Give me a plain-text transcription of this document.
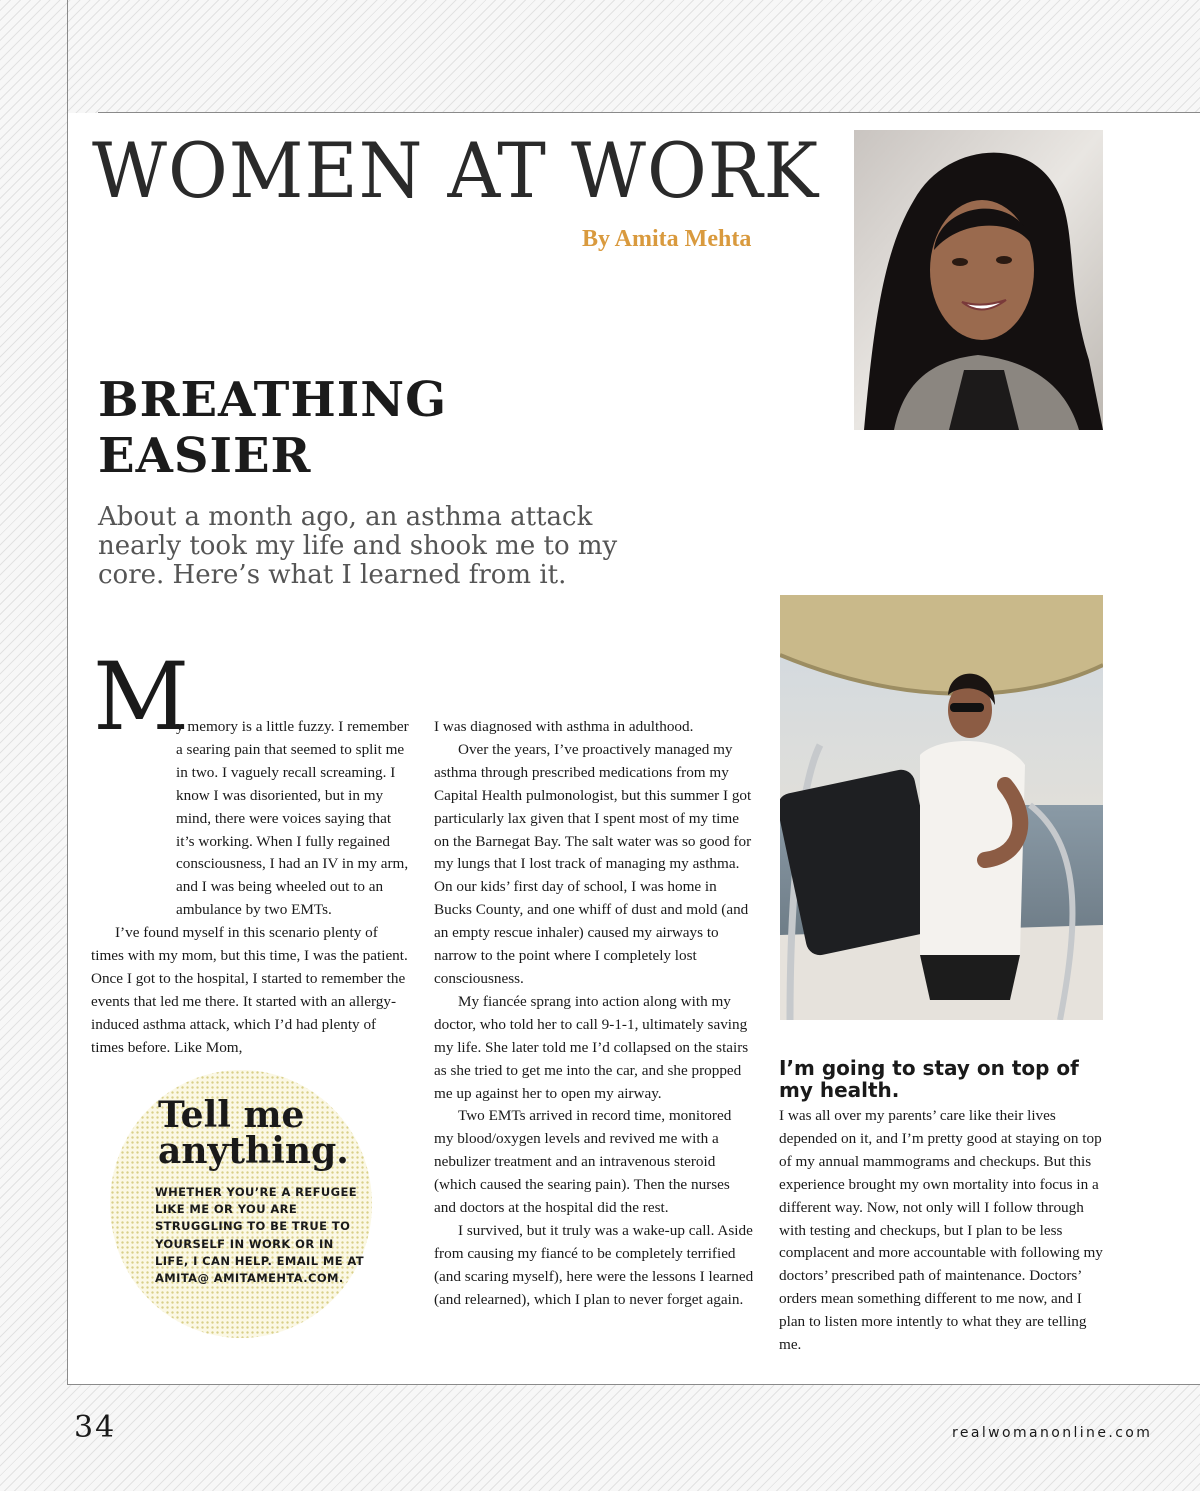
WOMEN AT WORK
By Amita Mehta
BREATHING
EASIER
About a month ago, an asthma attack nearly took my life and shook me to my core. Here’s what I learned from it.
M

y memory is a little fuzzy. I remember a searing pain that seemed to split me in two. I vaguely recall screaming. I know I was disoriented, but in my mind, there were voices saying that it’s working. When I fully regained consciousness, I had an IV in my arm, and I was being wheeled out to an ambulance by two EMTs.

I’ve found myself in this scenario plenty of times with my mom, but this time, I was the patient. Once I got to the hospital, I started to remember the events that led me there. It started with an allergy-induced asthma attack, which I’d had plenty of times before. Like Mom,

I was diagnosed with asthma in adulthood.

Over the years, I’ve proactively managed my asthma through prescribed medications from my Capital Health pulmonologist, but this summer I got particularly lax given that I spent most of my time on the Barnegat Bay. The salt water was so good for my lungs that I lost track of managing my asthma. On our kids’ first day of school, I was home in Bucks County, and one whiff of dust and mold (and an empty rescue inhaler) caused my airways to narrow to the point where I completely lost consciousness.

My fiancée sprang into action along with my doctor, who told her to call 9-1-1, ultimately saving my life. She later told me I’d collapsed on the stairs as she tried to get me into the car, and she propped me up against her to open my airway.

Two EMTs arrived in record time, monitored my blood/oxygen levels and revived me with a nebulizer treatment and an intravenous steroid (which caused the searing pain). Then the nurses and doctors at the hospital did the rest.

I survived, but it truly was a wake-up call. Aside from causing my fiancé to be completely terrified (and scaring myself), here were the lessons I learned (and relearned), which I plan to never forget again.

I’m going to stay on top of my health.

I was all over my parents’ care like their lives depended on it, and I’m pretty good at staying on top of my annual mammograms and checkups. But this experience brought my own mortality into focus in a different way. Now, not only will I follow through with testing and checkups, but I plan to be less complacent and more accountable with following my doctors’ prescribed path of maintenance. Doctors’ orders mean something different to me now, and I plan to listen more intently to what they are telling me.

Tell me
anything.
WHETHER YOU’RE A REFUGEE LIKE ME OR YOU ARE STRUGGLING TO BE TRUE TO YOURSELF IN WORK OR IN LIFE, I CAN HELP. EMAIL ME AT AMITA@ AMITAMEHTA.COM.
34	realwomanonline.com
